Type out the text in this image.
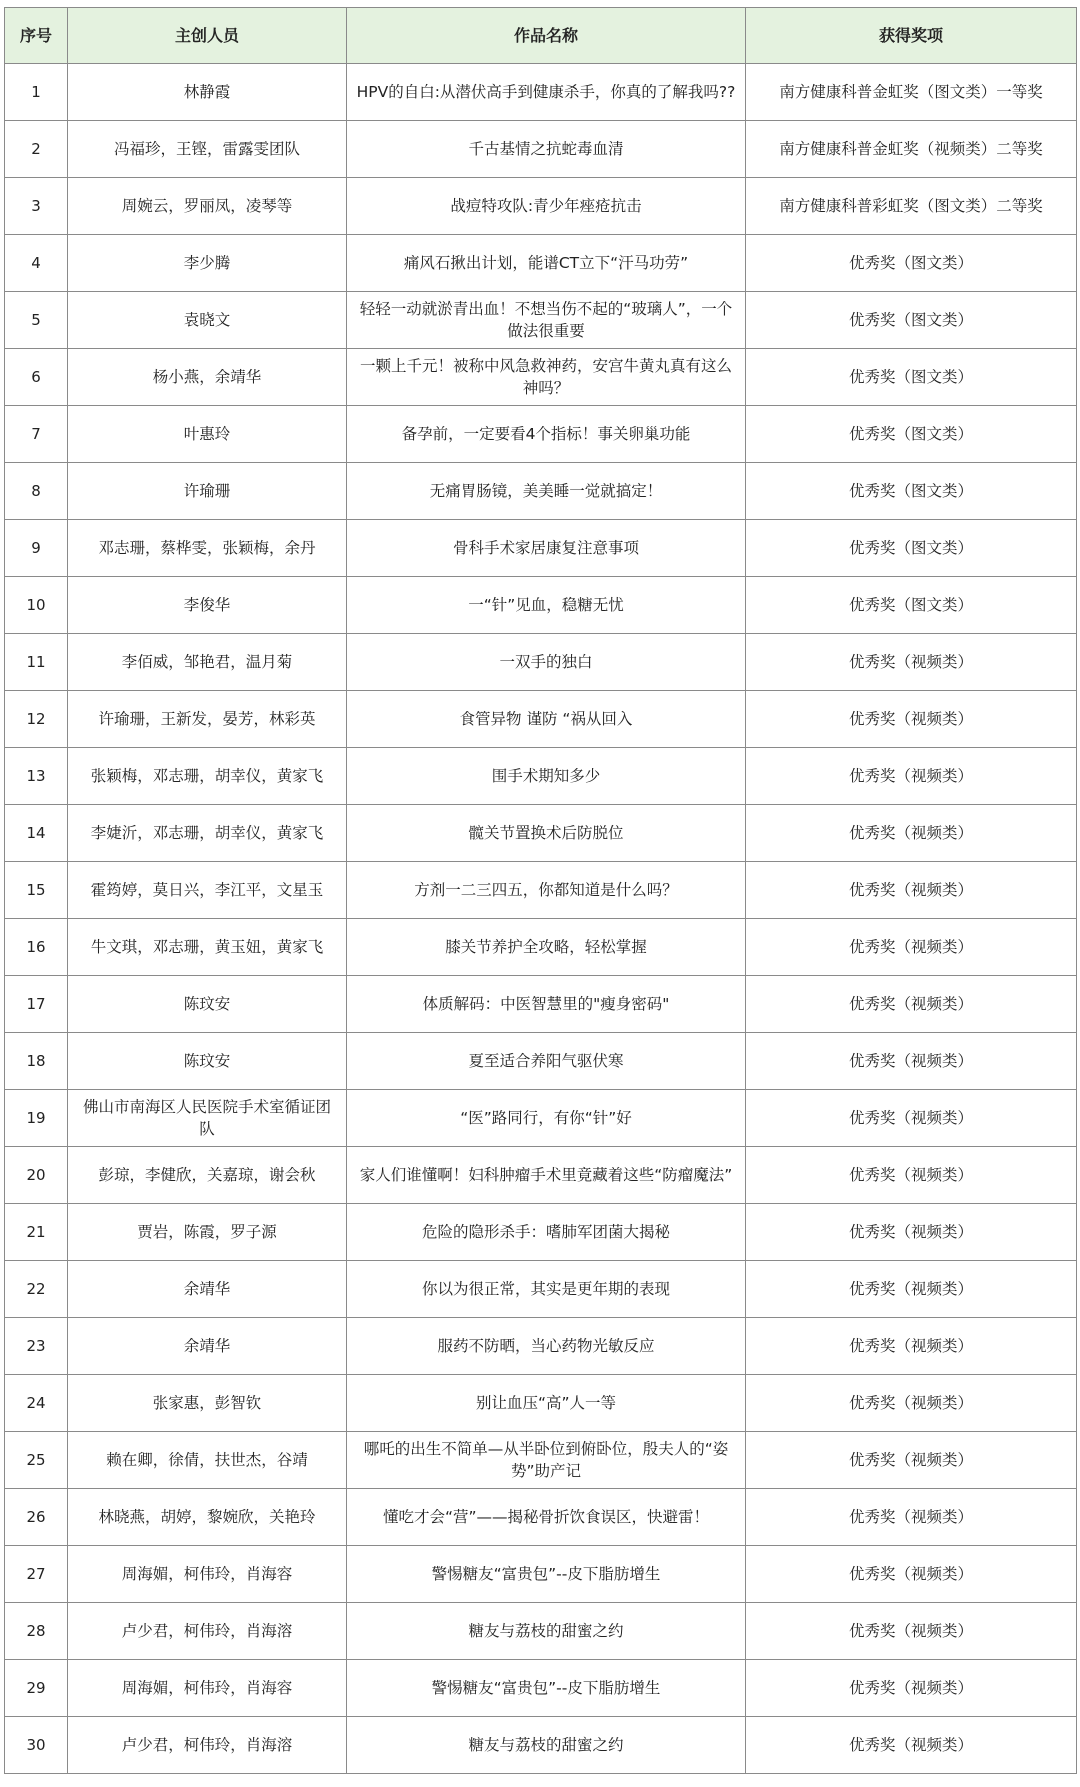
序号	主创人员	作品名称	获得奖项
1	林静霞	HPV的自白:从潜伏高手到健康杀手，你真的了解我吗??	南方健康科普金虹奖（图文类）一等奖
2	冯福珍，王铿，雷露雯团队	千古基情之抗蛇毒血清	南方健康科普金虹奖（视频类）二等奖
3	周婉云，罗丽凤，凌琴等	战痘特攻队:青少年痤疮抗击	南方健康科普彩虹奖（图文类）二等奖
4	李少腾	痛风石揪出计划，能谱CT立下“汗马功劳”	优秀奖（图文类）
5	袁晓文	轻轻一动就淤青出血！不想当伤不起的“玻璃人”，一个做法很重要	优秀奖（图文类）
6	杨小燕，余靖华	一颗上千元！被称中风急救神药，安宫牛黄丸真有这么神吗？	优秀奖（图文类）
7	叶惠玲	备孕前，一定要看4个指标！事关卵巢功能	优秀奖（图文类）
8	许瑜珊	无痛胃肠镜，美美睡一觉就搞定！	优秀奖（图文类）
9	邓志珊，蔡桦雯，张颖梅，余丹	骨科手术家居康复注意事项	优秀奖（图文类）
10	李俊华	一“针”见血，稳糖无忧	优秀奖（图文类）
11	李佰威，邹艳君，温月菊	一双手的独白	优秀奖（视频类）
12	许瑜珊，王新发，晏芳，林彩英	食管异物 谨防 “祸从回入	优秀奖（视频类）
13	张颖梅，邓志珊，胡幸仪，黄家飞	围手术期知多少	优秀奖（视频类）
14	李婕沂，邓志珊，胡幸仪，黄家飞	髋关节置换术后防脱位	优秀奖（视频类）
15	霍筠婷，莫日兴，李江平，文星玉	方剂一二三四五，你都知道是什么吗？	优秀奖（视频类）
16	牛文琪，邓志珊，黄玉妞，黄家飞	膝关节养护全攻略，轻松掌握	优秀奖（视频类）
17	陈玟安	体质解码：中医智慧里的"瘦身密码"	优秀奖（视频类）
18	陈玟安	夏至适合养阳气驱伏寒	优秀奖（视频类）
19	佛山市南海区人民医院手术室循证团队	“医”路同行，有你“针”好	优秀奖（视频类）
20	彭琼，李健欣，关嘉琼，谢会秋	家人们谁懂啊！妇科肿瘤手术里竟藏着这些“防瘤魔法”	优秀奖（视频类）
21	贾岩，陈霞，罗子源	危险的隐形杀手：嗜肺军团菌大揭秘	优秀奖（视频类）
22	余靖华	你以为很正常，其实是更年期的表现	优秀奖（视频类）
23	余靖华	服药不防晒，当心药物光敏反应	优秀奖（视频类）
24	张家惠，彭智钦	别让血压“高”人一等	优秀奖（视频类）
25	赖在卿，徐倩，扶世杰，谷靖	哪吒的出生不简单—从半卧位到俯卧位，殷夫人的“姿势”助产记	优秀奖（视频类）
26	林晓燕，胡婷，黎婉欣，关艳玲	懂吃才会“营”——揭秘骨折饮食误区，快避雷！	优秀奖（视频类）
27	周海媚，柯伟玲，肖海容	警惕糖友“富贵包”--皮下脂肪增生	优秀奖（视频类）
28	卢少君，柯伟玲，肖海溶	糖友与荔枝的甜蜜之约	优秀奖（视频类）
29	周海媚，柯伟玲，肖海容	警惕糖友“富贵包”--皮下脂肪增生	优秀奖（视频类）
30	卢少君，柯伟玲，肖海溶	糖友与荔枝的甜蜜之约	优秀奖（视频类）
